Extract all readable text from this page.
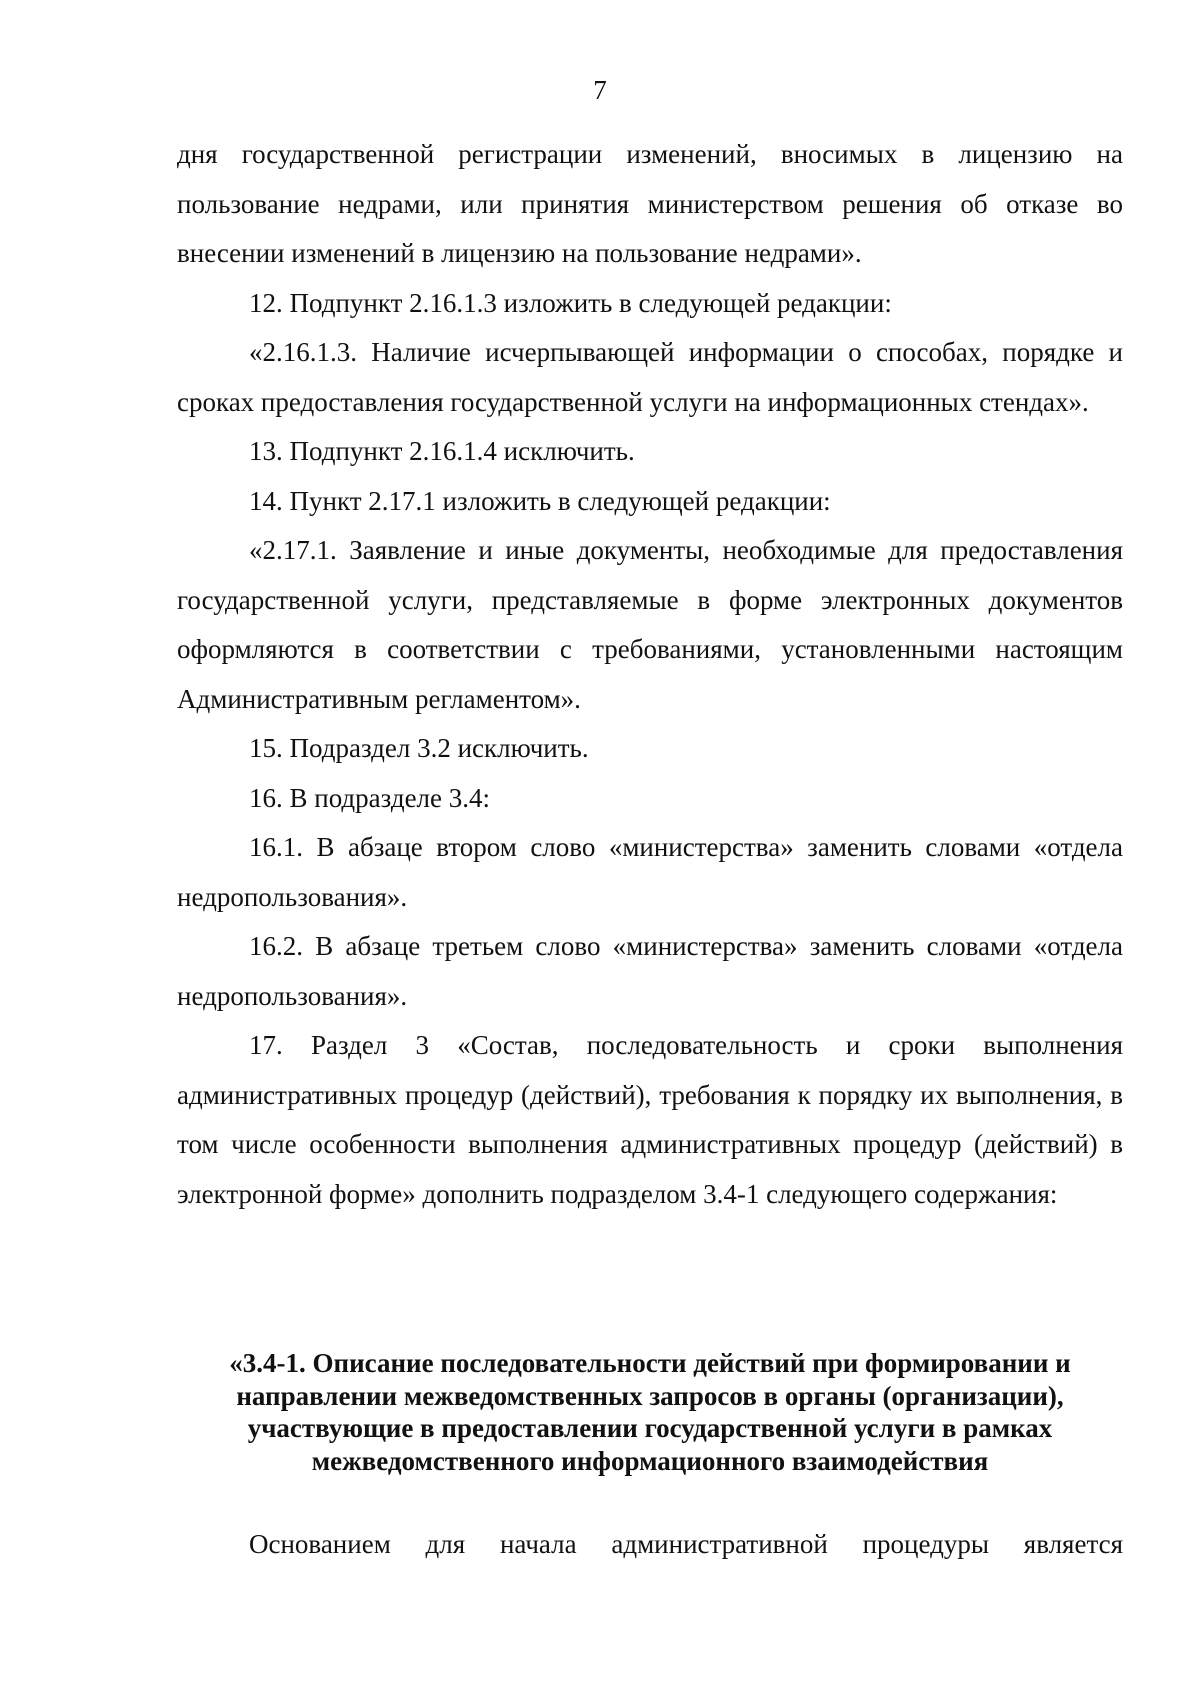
7

дня государственной регистрации изменений, вносимых в лицензию на пользование недрами, или принятия министерством решения об отказе во внесении изменений в лицензию на пользование недрами».

12. Подпункт 2.16.1.3 изложить в следующей редакции:

«2.16.1.3. Наличие исчерпывающей информации о способах, порядке и сроках предоставления государственной услуги на информационных стендах».

13. Подпункт 2.16.1.4 исключить.

14. Пункт 2.17.1 изложить в следующей редакции:

«2.17.1. Заявление и иные документы, необходимые для предоставления государственной услуги, представляемые в форме электронных документов оформляются в соответствии с требованиями, установленными настоящим Административным регламентом».

15. Подраздел 3.2 исключить.

16. В подразделе 3.4:

16.1. В абзаце втором слово «министерства» заменить словами «отдела недропользования».

16.2. В абзаце третьем слово «министерства» заменить словами «отдела недропользования».

17. Раздел 3 «Состав, последовательность и сроки выполнения административных процедур (действий), требования к порядку их выполнения, в том числе особенности выполнения административных процедур (действий) в электронной форме» дополнить подразделом 3.4-1 следующего содержания:

«3.4-1. Описание последовательности действий при формировании и
направлении межведомственных запросов в органы (организации),
участвующие в предоставлении государственной услуги в рамках
межведомственного информационного взаимодействия

Основанием для начала административной процедуры является
